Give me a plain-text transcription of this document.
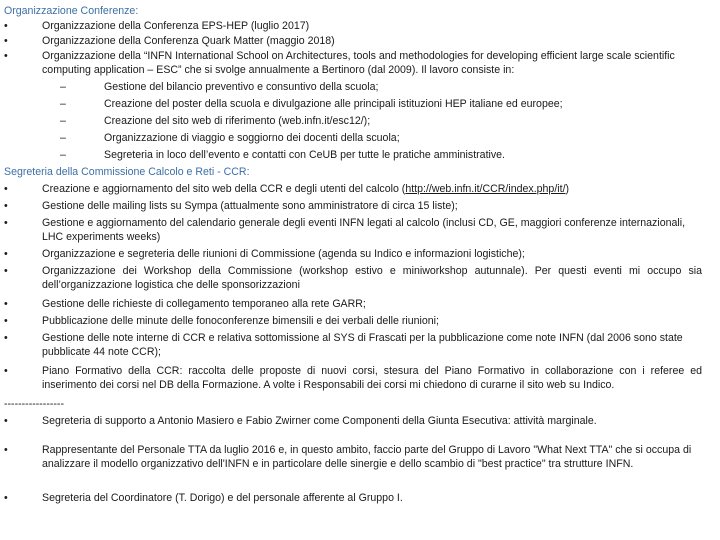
Organizzazione Conferenze:
•	Organizzazione della Conferenza EPS-HEP (luglio 2017)
•	Organizzazione della Conferenza Quark Matter (maggio 2018)
•	Organizzazione della “INFN International School on Architectures, tools and methodologies for developing efficient large scale scientific computing application – ESC” che si svolge annualmente a Bertinoro (dal 2009). Il lavoro consiste in:
–	Gestione del bilancio preventivo e consuntivo della scuola;
–	Creazione del poster della scuola e divulgazione alle principali istituzioni HEP italiane ed europee;
–	Creazione del sito web di riferimento (web.infn.it/esc12/);
–	Organizzazione di viaggio e soggiorno dei docenti della scuola;
–	Segreteria in loco dell’evento e contatti con CeUB per tutte le pratiche amministrative.
Segreteria della Commissione Calcolo e Reti - CCR:
•	Creazione e aggiornamento del sito web della CCR e degli utenti del calcolo (http://web.infn.it/CCR/index.php/it/)
•	Gestione delle mailing lists su Sympa (attualmente sono amministratore di circa 15 liste);
•	Gestione e aggiornamento del calendario generale degli eventi INFN legati al calcolo (inclusi CD, GE, maggiori conferenze internazionali, LHC experiments weeks)
•	Organizzazione e segreteria delle riunioni di Commissione (agenda su Indico e informazioni logistiche);
•	Organizzazione dei Workshop della Commissione (workshop estivo e miniworkshop autunnale). Per questi eventi mi occupo sia dell’organizzazione logistica che delle sponsorizzazioni
•	Gestione delle richieste di collegamento temporaneo alla rete GARR;
•	Pubblicazione delle minute delle fonoconferenze bimensili e dei verbali delle riunioni;
•	Gestione delle note interne di CCR e relativa sottomissione al SYS di Frascati per la pubblicazione come note INFN (dal 2006 sono state pubblicate 44 note CCR);
•	Piano Formativo della CCR: raccolta delle proposte di nuovi corsi, stesura del Piano Formativo in collaborazione con i referee ed inserimento dei corsi nel DB della Formazione. A volte i Responsabili dei corsi mi chiedono di curarne il sito web su Indico.
-----------------
•	Segreteria di supporto a Antonio Masiero e Fabio Zwirner come Componenti della Giunta Esecutiva: attività marginale.
•	Rappresentante del Personale TTA da luglio 2016 e, in questo ambito, faccio parte del Gruppo di Lavoro "What Next TTA" che si occupa di analizzare il modello organizzativo dell'INFN e in particolare delle sinergie e dello scambio di "best practice" tra strutture INFN.
•	Segreteria del Coordinatore (T. Dorigo) e del personale afferente al Gruppo I.
